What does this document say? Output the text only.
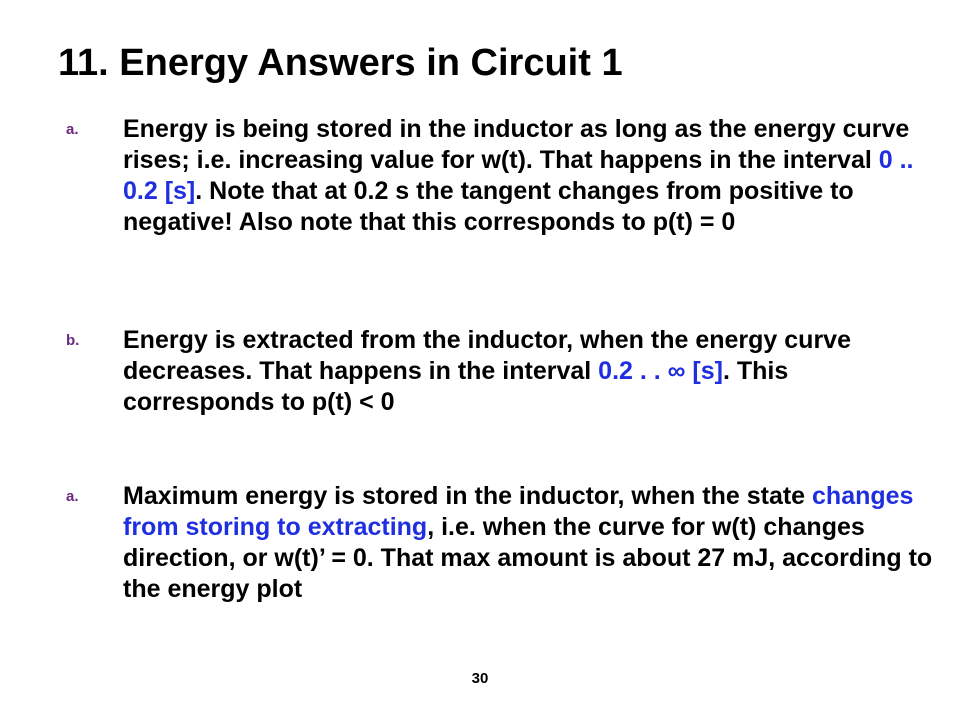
11. Energy Answers in Circuit 1
a. Energy is being stored in the inductor as long as the energy curve rises; i.e. increasing value for w(t). That happens in the interval 0 .. 0.2 [s]. Note that at 0.2 s the tangent changes from positive to negative! Also note that this corresponds to p(t) = 0
b. Energy is extracted from the inductor, when the energy curve decreases. That happens in the interval 0.2 . . ∞ [s]. This corresponds to p(t) < 0
a. Maximum energy is stored in the inductor, when the state changes from storing to extracting, i.e. when the curve for w(t) changes direction, or w(t)’ = 0. That max amount is about 27 mJ, according to the energy plot
30
